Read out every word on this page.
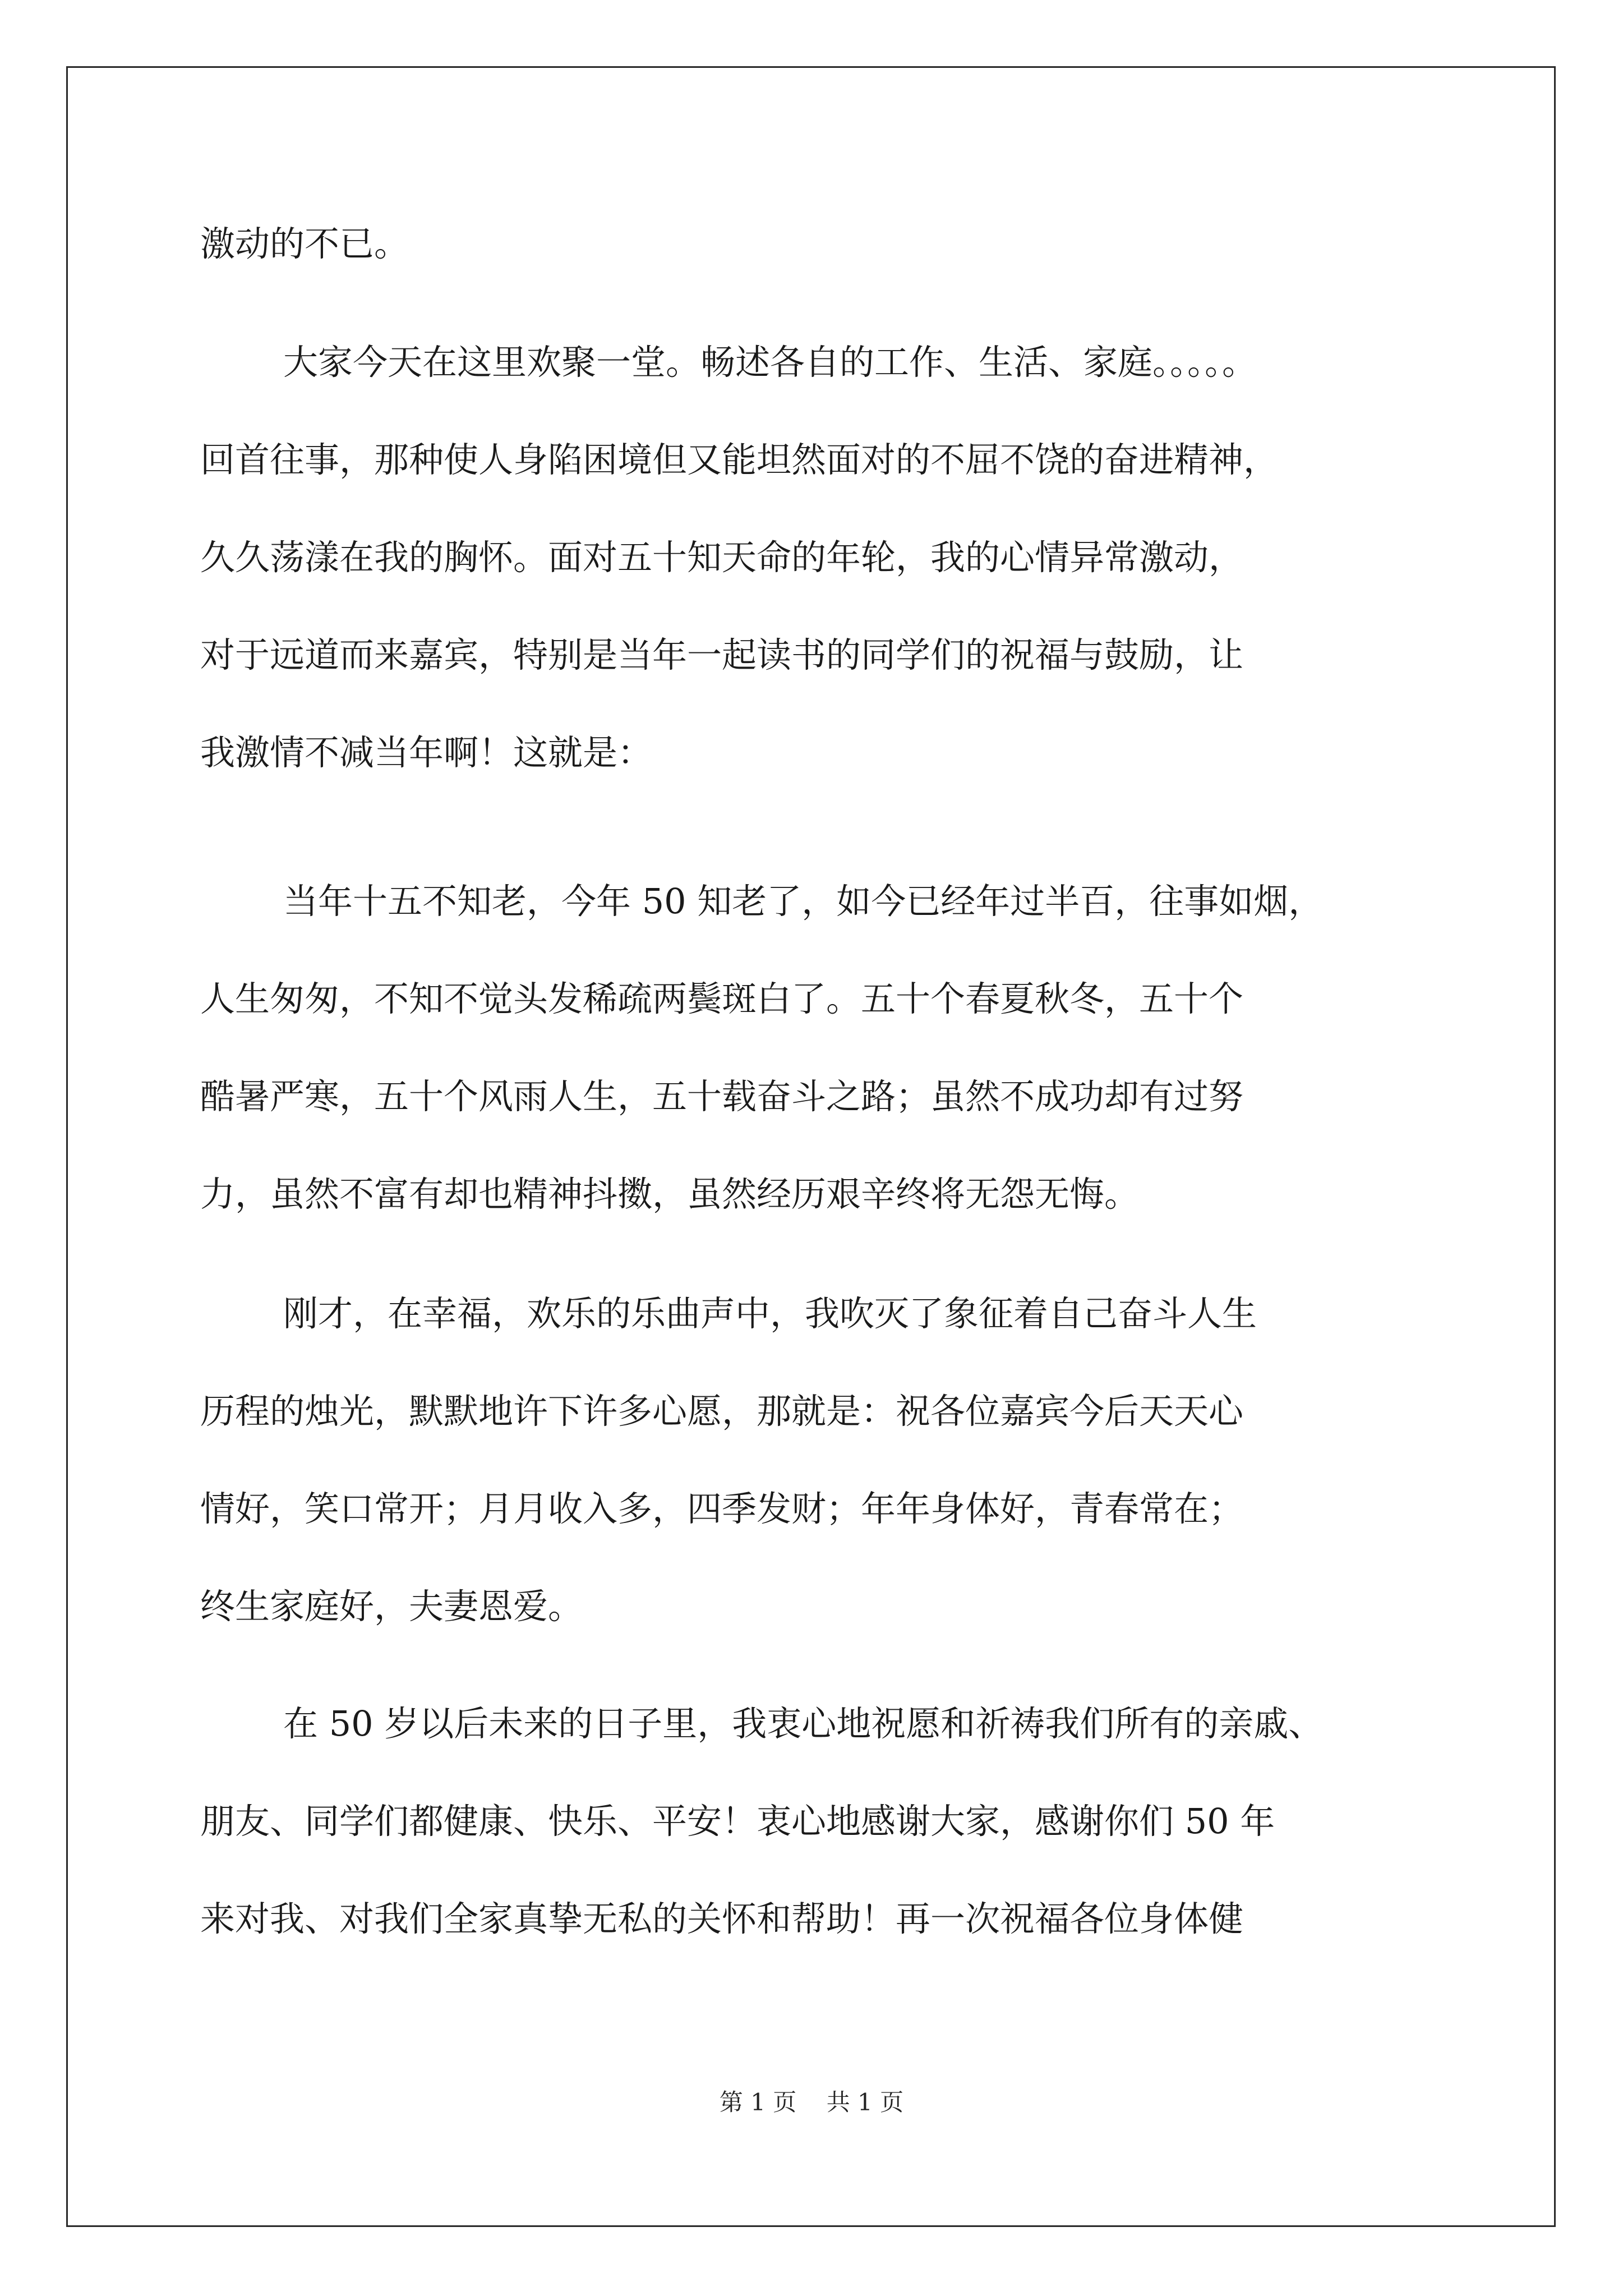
激动的不已。

大家今天在这里欢聚一堂。畅述各自的工作、生活、家庭。。。。。

回首往事，那种使人身陷困境但又能坦然面对的不屈不饶的奋进精神，

久久荡漾在我的胸怀。面对五十知天命的年轮，我的心情异常激动，

对于远道而来嘉宾，特别是当年一起读书的同学们的祝福与鼓励，让

我激情不减当年啊！这就是：

当年十五不知老，今年 50 知老了，如今已经年过半百，往事如烟，

人生匆匆，不知不觉头发稀疏两鬓斑白了。五十个春夏秋冬，五十个

酷暑严寒，五十个风雨人生，五十载奋斗之路；虽然不成功却有过努

力，虽然不富有却也精神抖擞，虽然经历艰辛终将无怨无悔。

刚才，在幸福，欢乐的乐曲声中，我吹灭了象征着自己奋斗人生

历程的烛光，默默地许下许多心愿，那就是：祝各位嘉宾今后天天心

情好，笑口常开；月月收入多，四季发财；年年身体好，青春常在；

终生家庭好，夫妻恩爱。

在 50 岁以后未来的日子里，我衷心地祝愿和祈祷我们所有的亲戚、

朋友、同学们都健康、快乐、平安！衷心地感谢大家，感谢你们 50 年

来对我、对我们全家真挚无私的关怀和帮助！再一次祝福各位身体健

第 1 页    共 1 页
